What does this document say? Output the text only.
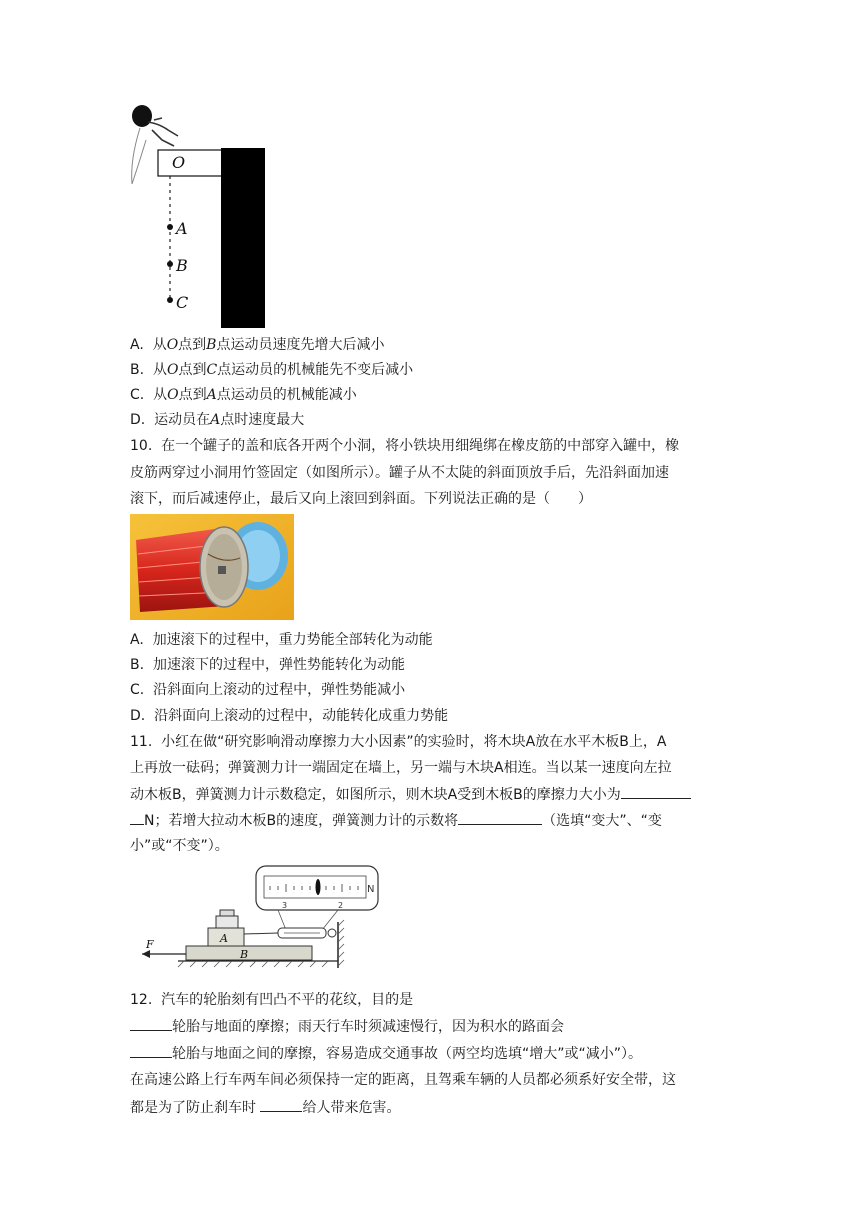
O
A
B
C
A. 从O点到B点运动员速度先增大后减小
B. 从O点到C点运动员的机械能先不变后减小
C. 从O点到A点运动员的机械能减小
D. 运动员在A点时速度最大
10. 在一个罐子的盖和底各开两个小洞，将小铁块用细绳绑在橡皮筋的中部穿入罐中，橡
皮筋两穿过小洞用竹签固定（如图所示）。罐子从不太陡的斜面顶放手后，先沿斜面加速
滚下，而后减速停止，最后又向上滚回到斜面。下列说法正确的是（　　）
A. 加速滚下的过程中，重力势能全部转化为动能
B. 加速滚下的过程中，弹性势能转化为动能
C. 沿斜面向上滚动的过程中，弹性势能减小
D. 沿斜面向上滚动的过程中，动能转化成重力势能
11. 小红在做“研究影响滑动摩擦力大小因素”的实验时，将木块A放在水平木板B上，A
上再放一砝码；弹簧测力计一端固定在墙上，另一端与木块A相连。当以某一速度向左拉
动木板B，弹簧测力计示数稳定，如图所示，则木块A受到木板B的摩擦力大小为
N；若增大拉动木板B的速度，弹簧测力计的示数将	（选填“变大”、“变
小”或“不变”）。
3	2
N
A
B
F
12. 汽车的轮胎刻有凹凸不平的花纹，目的是
轮胎与地面的摩擦；雨天行车时须减速慢行，因为积水的路面会
轮胎与地面之间的摩擦，容易造成交通事故（两空均选填“增大”或“减小”）。
在高速公路上行车两车间必须保持一定的距离，且驾乘车辆的人员都必须系好安全带，这
都是为了防止刹车时	给人带来危害。
